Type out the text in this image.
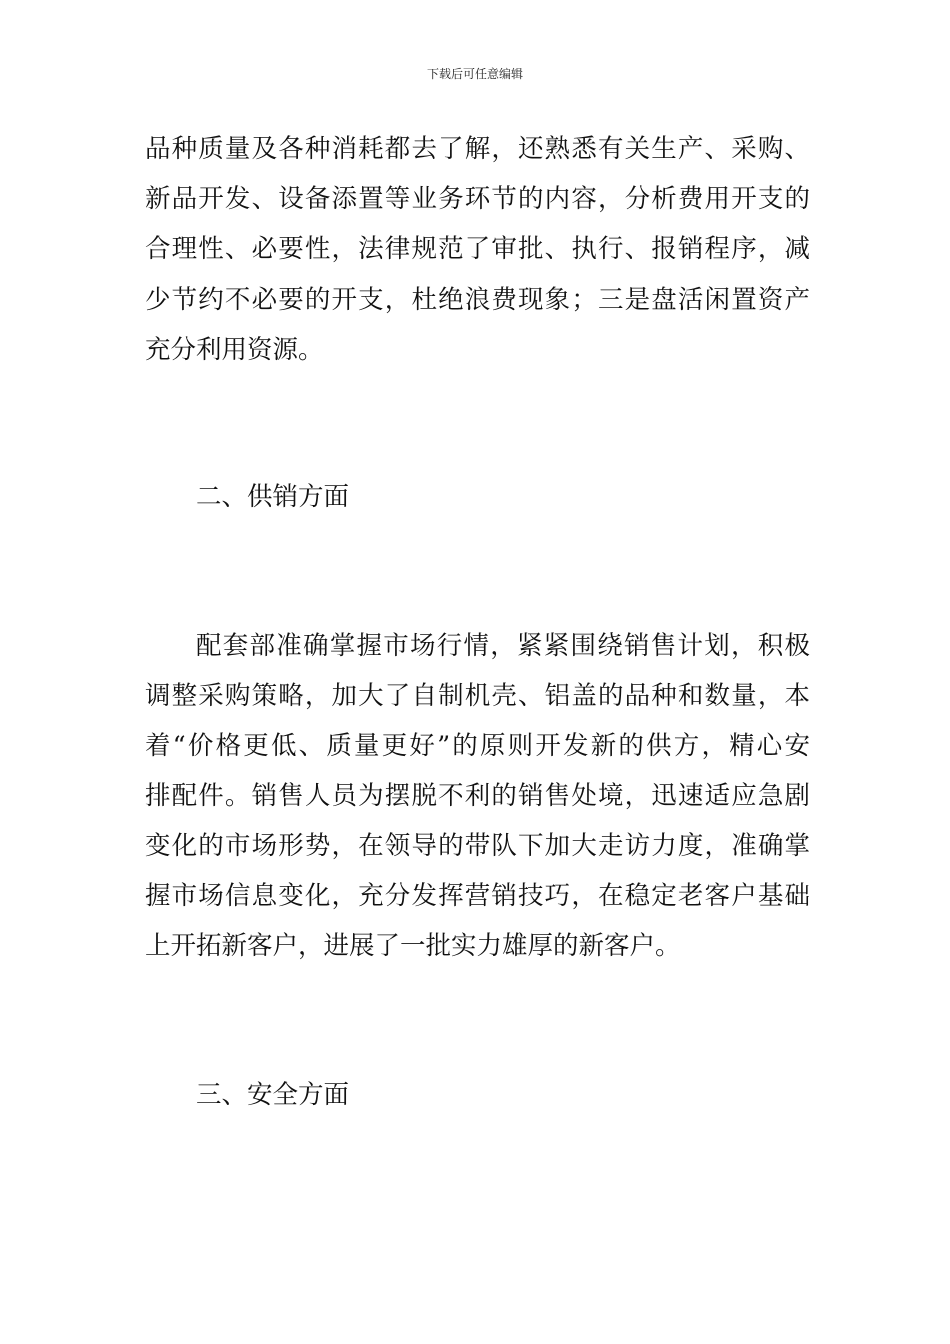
下载后可任意编辑
品种质量及各种消耗都去了解，还熟悉有关生产、采购、
新品开发、设备添置等业务环节的内容，分析费用开支的
合理性、必要性，法律规范了审批、执行、报销程序，减
少节约不必要的开支，杜绝浪费现象；三是盘活闲置资产
充分利用资源。
二、供销方面
配套部准确掌握市场行情，紧紧围绕销售计划，积极
调整采购策略，加大了自制机壳、铝盖的品种和数量，本
着“价格更低、质量更好”的原则开发新的供方，精心安
排配件。销售人员为摆脱不利的销售处境，迅速适应急剧
变化的市场形势，在领导的带队下加大走访力度，准确掌
握市场信息变化，充分发挥营销技巧，在稳定老客户基础
上开拓新客户，进展了一批实力雄厚的新客户。
三、安全方面
